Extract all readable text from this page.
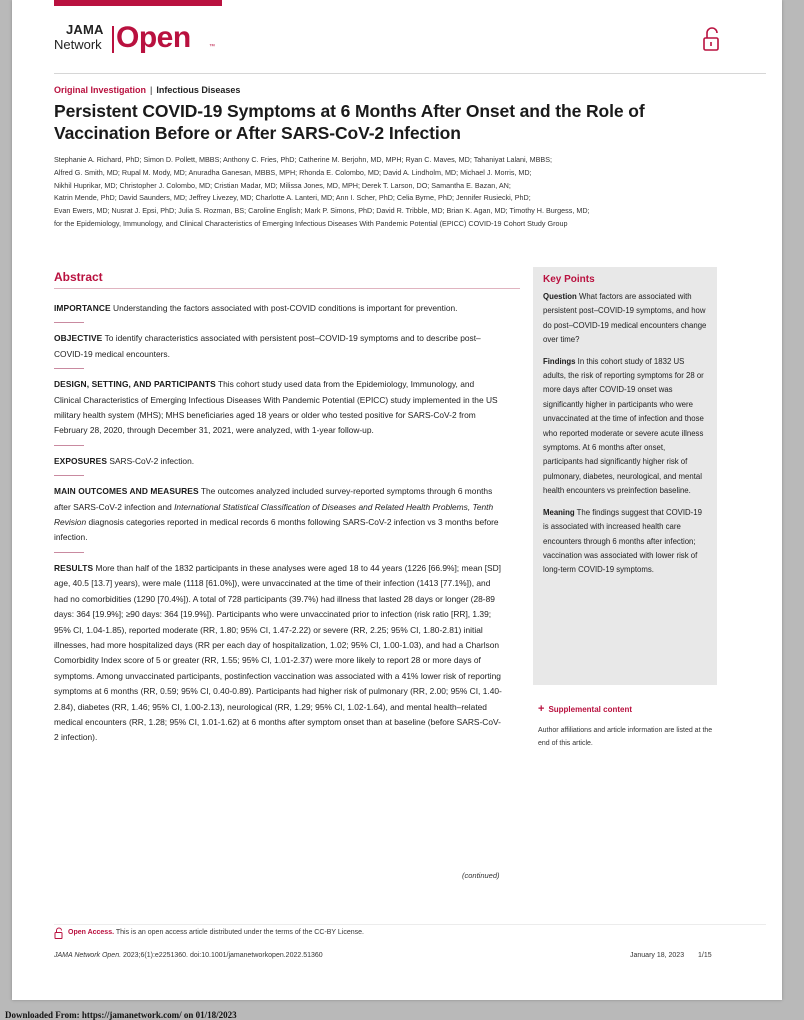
JAMA
Network Open	™
Original Investigation | Infectious Diseases
Persistent COVID-19 Symptoms at 6 Months After Onset and the Role of Vaccination Before or After SARS-CoV-2 Infection
Stephanie A. Richard, PhD; Simon D. Pollett, MBBS; Anthony C. Fries, PhD; Catherine M. Berjohn, MD, MPH; Ryan C. Maves, MD; Tahaniyat Lalani, MBBS;
Alfred G. Smith, MD; Rupal M. Mody, MD; Anuradha Ganesan, MBBS, MPH; Rhonda E. Colombo, MD; David A. Lindholm, MD; Michael J. Morris, MD;
Nikhil Huprikar, MD; Christopher J. Colombo, MD; Cristian Madar, MD; Milissa Jones, MD, MPH; Derek T. Larson, DO; Samantha E. Bazan, AN;
Katrin Mende, PhD; David Saunders, MD; Jeffrey Livezey, MD; Charlotte A. Lanteri, MD; Ann I. Scher, PhD; Celia Byrne, PhD; Jennifer Rusiecki, PhD;
Evan Ewers, MD; Nusrat J. Epsi, PhD; Julia S. Rozman, BS; Caroline English; Mark P. Simons, PhD; David R. Tribble, MD; Brian K. Agan, MD; Timothy H. Burgess, MD;
for the Epidemiology, Immunology, and Clinical Characteristics of Emerging Infectious Diseases With Pandemic Potential (EPICC) COVID-19 Cohort Study Group
Abstract

IMPORTANCE Understanding the factors associated with post-COVID conditions is important for prevention.

OBJECTIVE To identify characteristics associated with persistent post–COVID-19 symptoms and to describe post–COVID-19 medical encounters.

DESIGN, SETTING, AND PARTICIPANTS This cohort study used data from the Epidemiology, Immunology, and Clinical Characteristics of Emerging Infectious Diseases With Pandemic Potential (EPICC) study implemented in the US military health system (MHS); MHS beneficiaries aged 18 years or older who tested positive for SARS-CoV-2 from February 28, 2020, through December 31, 2021, were analyzed, with 1-year follow-up.

EXPOSURES SARS-CoV-2 infection.

MAIN OUTCOMES AND MEASURES The outcomes analyzed included survey-reported symptoms through 6 months after SARS-CoV-2 infection and International Statistical Classification of Diseases and Related Health Problems, Tenth Revision diagnosis categories reported in medical records 6 months following SARS-CoV-2 infection vs 3 months before infection.

RESULTS More than half of the 1832 participants in these analyses were aged 18 to 44 years (1226 [66.9%]; mean [SD] age, 40.5 [13.7] years), were male (1118 [61.0%]), were unvaccinated at the time of their infection (1413 [77.1%]), and had no comorbidities (1290 [70.4%]). A total of 728 participants (39.7%) had illness that lasted 28 days or longer (28-89 days: 364 [19.9%]; ≥90 days: 364 [19.9%]). Participants who were unvaccinated prior to infection (risk ratio [RR], 1.39; 95% CI, 1.04-1.85), reported moderate (RR, 1.80; 95% CI, 1.47-2.22) or severe (RR, 2.25; 95% CI, 1.80-2.81) initial illnesses, had more hospitalized days (RR per each day of hospitalization, 1.02; 95% CI, 1.00-1.03), and had a Charlson Comorbidity Index score of 5 or greater (RR, 1.55; 95% CI, 1.01-2.37) were more likely to report 28 or more days of symptoms. Among unvaccinated participants, postinfection vaccination was associated with a 41% lower risk of reporting symptoms at 6 months (RR, 0.59; 95% CI, 0.40-0.89). Participants had higher risk of pulmonary (RR, 2.00; 95% CI, 1.40-2.84), diabetes (RR, 1.46; 95% CI, 1.00-2.13), neurological (RR, 1.29; 95% CI, 1.02-1.64), and mental health–related medical encounters (RR, 1.28; 95% CI, 1.01-1.62) at 6 months after symptom onset than at baseline (before SARS-CoV-2 infection).

(continued)
Key Points

Question What factors are associated with persistent post–COVID-19 symptoms, and how do post–COVID-19 medical encounters change over time?

Findings In this cohort study of 1832 US adults, the risk of reporting symptoms for 28 or more days after COVID-19 onset was significantly higher in participants who were unvaccinated at the time of infection and those who reported moderate or severe acute illness symptoms. At 6 months after onset, participants had significantly higher risk of pulmonary, diabetes, neurological, and mental health encounters vs preinfection baseline.

Meaning The findings suggest that COVID-19 is associated with increased health care encounters through 6 months after infection; vaccination was associated with lower risk of long-term COVID-19 symptoms.

+ Supplemental content
Author affiliations and article information are listed at the end of this article.
Open Access. This is an open access article distributed under the terms of the CC-BY License.
JAMA Network Open. 2023;6(1):e2251360. doi:10.1001/jamanetworkopen.2022.51360	January 18, 2023 1/15
Downloaded From: https://jamanetwork.com/ on 01/18/2023
